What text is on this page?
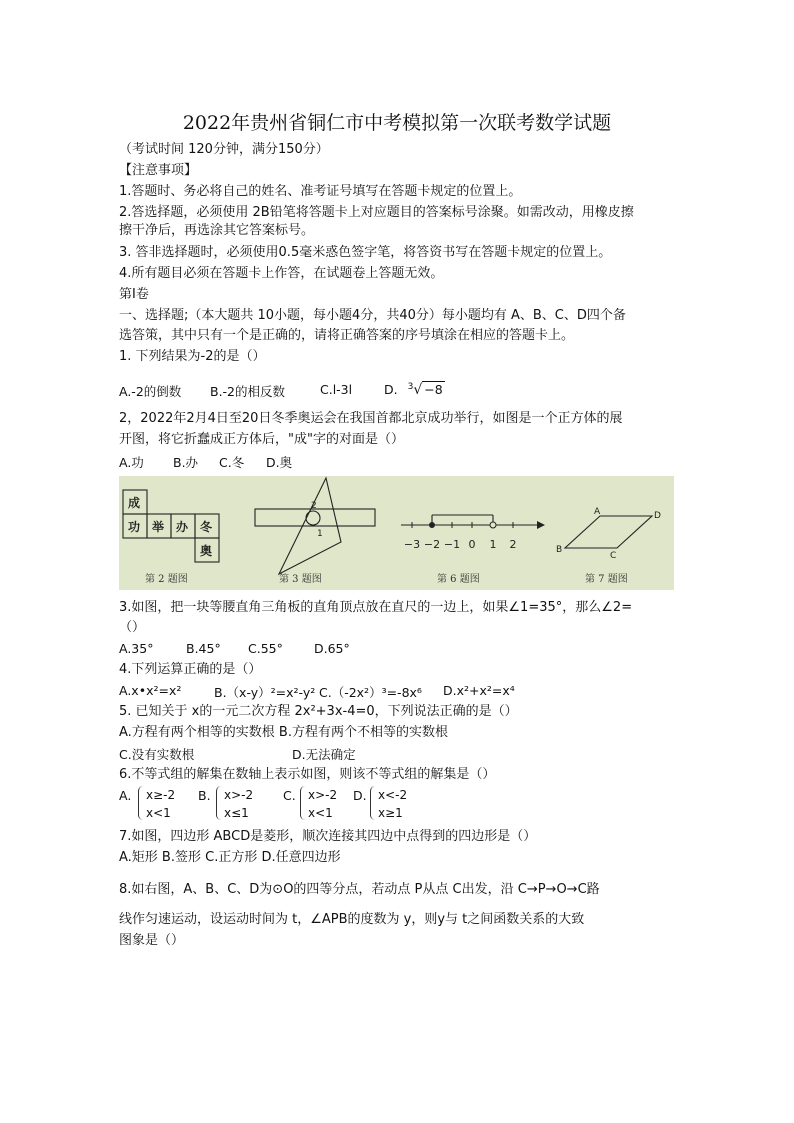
2022年贵州省铜仁市中考模拟第一次联考数学试题
（考试时间 120分钟，满分150分）
【注意事项】
1.答题时、务必将自己的姓名、准考证号填写在答题卡规定的位置上。
2.答选择题，必须使用 2B铅笔将答题卡上对应题目的答案标号涂聚。如需改动，用橡皮擦
擦干净后，再选涂其它答案标号。
3. 答非选择题时，必须使用0.5毫米惑色签字笔，将答资书写在答题卡规定的位置上。
4.所有题目必须在答题卡上作答，在试题卷上答题无效。
第Ⅰ卷
一、选择题;（本大题共 10小题，每小题4分，共40分）每小题均有 A、B、C、D四个备
选答策，其中只有一个是正确的，请将正确答案的序号填涂在相应的答题卡上。
1. 下列结果为-2的是（）
A.-2的倒数 B.-2的相反数	C.l-3l	D. $^3$√ −8
2，2022年2月4日至20日冬季奥运会在我国首都北京成功举行，如图是一个正方体的展
开图，将它折蠢成正方体后，"成"字的对面是（）
A.功 B.办 C.冬 D.奥
成
功 举 办 冬
奥
2
1
−3 −2 −1 0 1 2
A	D
B
C
第 2 题图	第 3 题图	第 6 题图	第 7 题图
3.如图，把一块等腰直角三角板的直角顶点放在直尺的一边上，如果∠1=35°，那么∠2=
（）
A.35°	B.45° C.55° D.65°
4.下列运算正确的是（）
A.x•x²=x²	B.（x-y）²=x²-y² C.（-2x²）³=-8x⁶ D.x²+x²=x⁴
5. 已知关于 x的一元二次方程 2x²+3x-4=0，下列说法正确的是（）
A.方程有两个相等的实数根 B.方程有两个不相等的实数根
C.没有实数根	D.无法确定
6.不等式组的解集在数轴上表示如图，则该不等式组的解集是（）
A. x≥-2
x<1
B. x>-2
x≤1
C. x>-2
x<1
D. x<-2
x≥1
7.如图，四边形 ABCD是菱形，顺次连接其四边中点得到的四边形是（）
A.矩形 B.签形 C.正方形 D.任意四边形
8.如右图，A、B、C、D为⊙O的四等分点，若动点 P从点 C出发，沿 C→P→O→C路
线作匀速运动，设运动时间为 t，∠APB的度数为 y，则y与 t之间函数关系的大致
图象是（）
